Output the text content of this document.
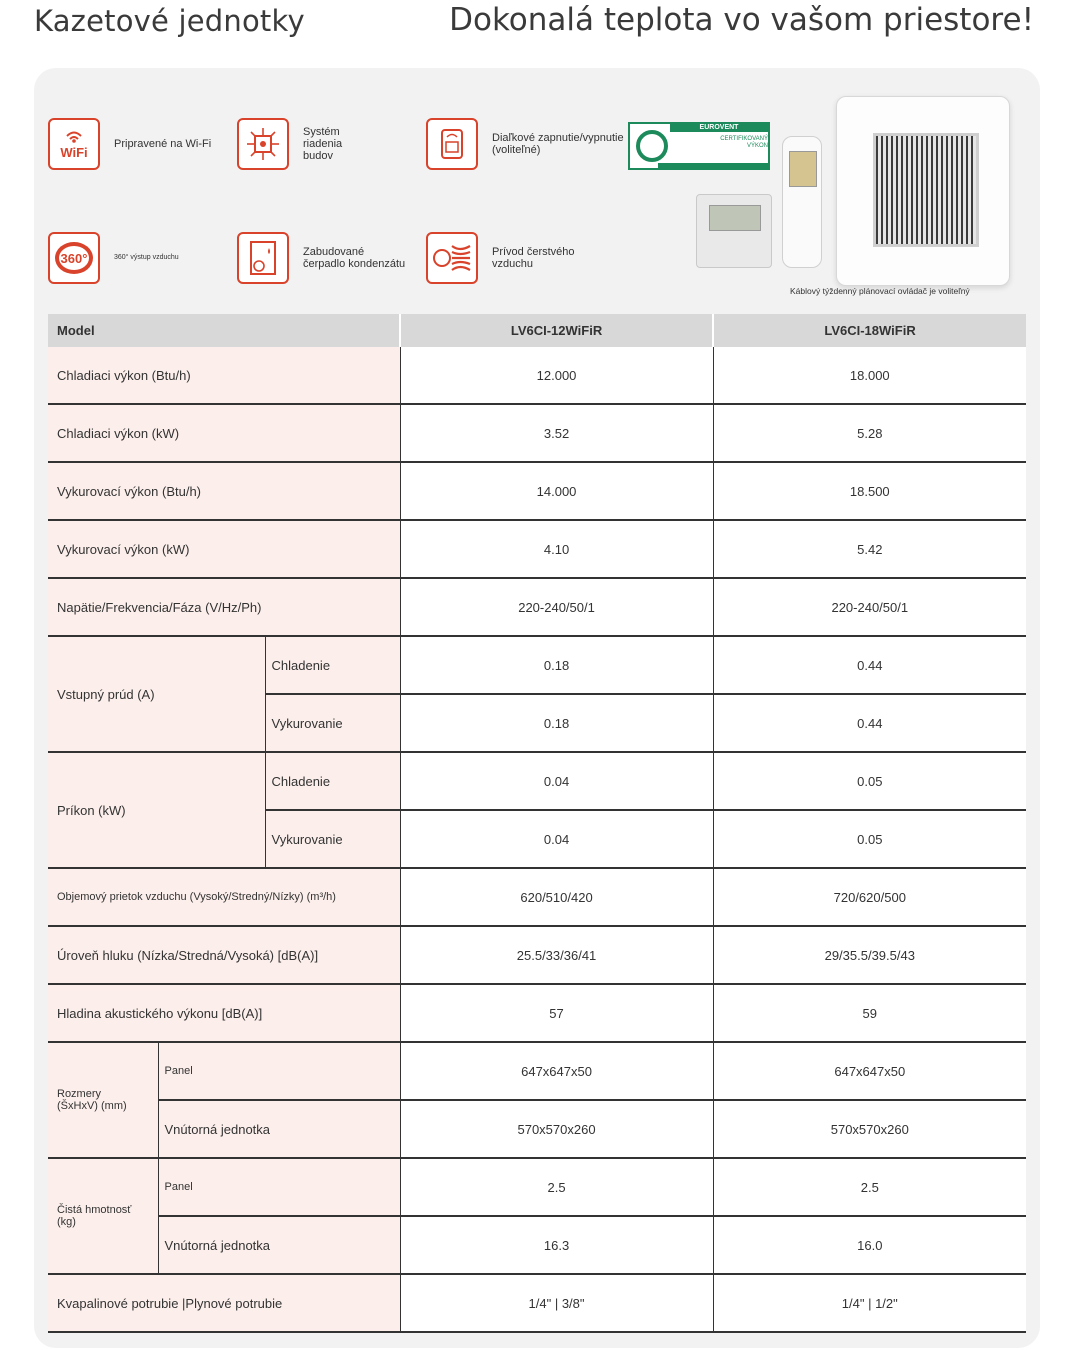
Kazetové jednotky	Dokonalá teplota vo vašom priestore!
WiFi
Pripravené na Wi-Fi
Systém
riadenia
budov
Diaľkové zapnutie/vypnutie
(voliteľné)
360°	360° výstup vzduchu	Zabudované
čerpadlo kondenzátu
Prívod čerstvého
vzduchu
EUROVENT
CERTIFIKOVANÝ
VÝKON
Káblový týždenný plánovací ovládač je voliteľný
Model			LV6CI-12WiFiR	LV6CI-18WiFiR
Chladiaci výkon (Btu/h)			12.000	18.000
Chladiaci výkon (kW)			3.52	5.28
Vykurovací výkon (Btu/h)			14.000	18.500
Vykurovací výkon (kW)			4.10	5.42
Napätie/Frekvencia/Fáza (V/Hz/Ph)			220-240/50/1	220-240/50/1
Vstupný prúd (A)		Chladenie	0.18	0.44
		Vykurovanie	0.18	0.44
Príkon (kW)		Chladenie	0.04	0.05
		Vykurovanie	0.04	0.05
Objemový prietok vzduchu (Vysoký/Stredný/Nízky) (m³/h)			620/510/420	720/620/500
Úroveň hluku (Nízka/Stredná/Vysoká) [dB(A)]			25.5/33/36/41	29/35.5/39.5/43
Hladina akustického výkonu [dB(A)]			57	59
Rozmery
(ŠxHxV) (mm)	Panel		647x647x50	647x647x50
	Vnútorná jednotka		570x570x260	570x570x260
Čistá hmotnosť
(kg)	Panel		2.5	2.5
	Vnútorná jednotka		16.3	16.0
Kvapalinové potrubie |Plynové potrubie			1/4" | 3/8"	1/4" | 1/2"
